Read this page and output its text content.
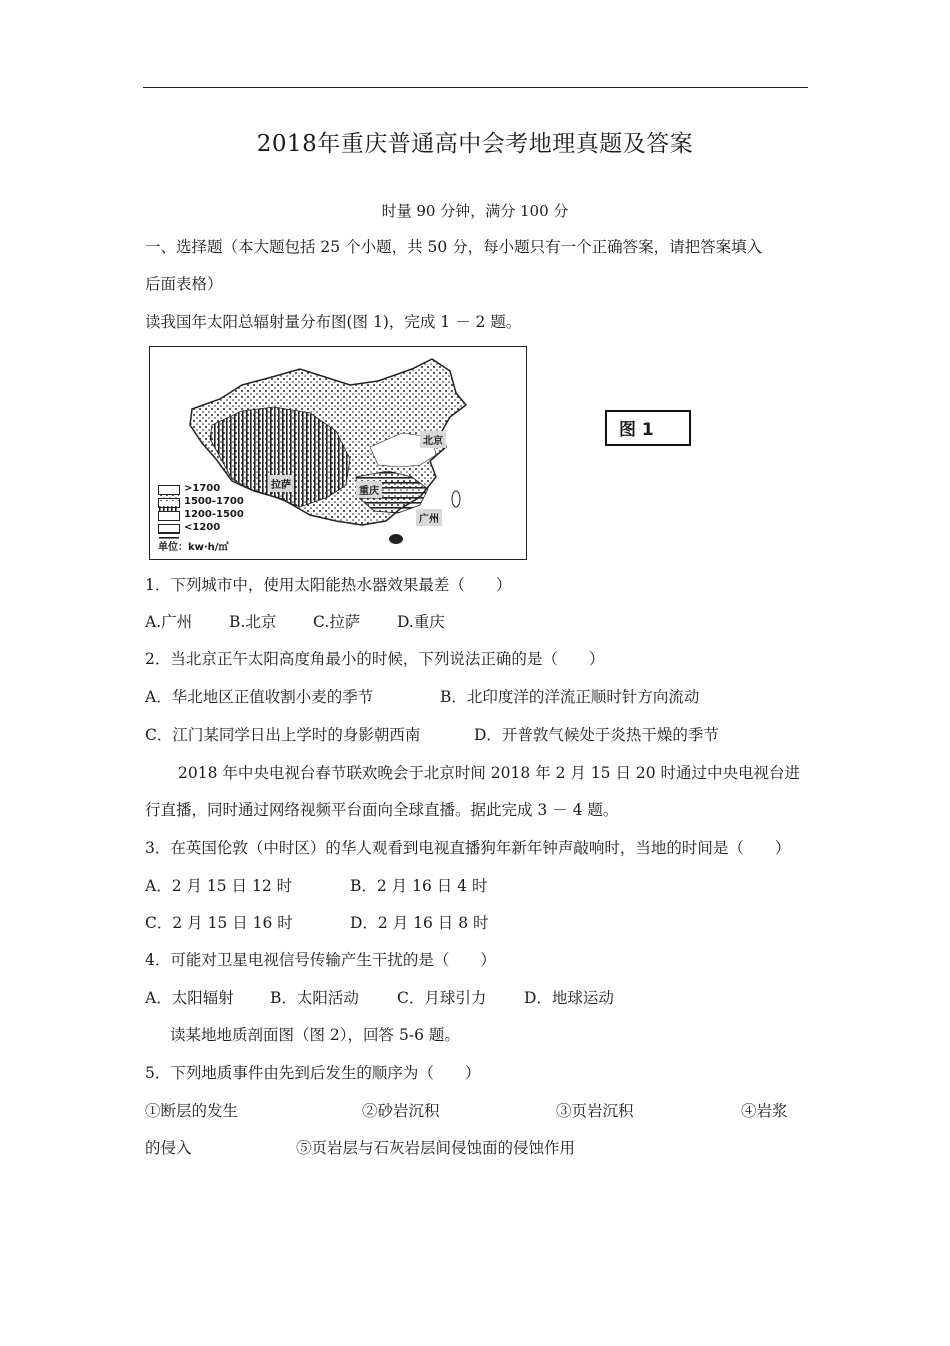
2018年重庆普通高中会考地理真题及答案
时量 90 分钟，满分 100 分
一、选择题（本大题包括 25 个小题，共 50 分，每小题只有一个正确答案，请把答案填入
后面表格）
读我国年太阳总辐射量分布图(图 1)，完成 1 － 2 题。
北京
拉萨
重庆
广州
>1700
1500-1700
1200-1500
<1200
单位：kw·h/㎡
图 1
1．下列城市中，使用太阳能热水器效果最差（　　）
A.广州 B.北京 C.拉萨 D.重庆
2．当北京正午太阳高度角最小的时候，下列说法正确的是（　　）
A．华北地区正值收割小麦的季节	B．北印度洋的洋流正顺时针方向流动
C．江门某同学日出上学时的身影朝西南	D．开普敦气候处于炎热干燥的季节
2018 年中央电视台春节联欢晚会于北京时间 2018 年 2 月 15 日 20 时通过中央电视台进
行直播，同时通过网络视频平台面向全球直播。据此完成 3 － 4 题。
3．在英国伦敦（中时区）的华人观看到电视直播狗年新年钟声敲响时，当地的时间是（　　）
A．2 月 15 日 12 时	B．2 月 16 日 4 时
C．2 月 15 日 16 时	D．2 月 16 日 8 时
4．可能对卫星电视信号传输产生干扰的是（　　）
A．太阳辐射 B．太阳活动 C．月球引力 D．地球运动
读某地地质剖面图（图 2），回答 5-6 题。
5．下列地质事件由先到后发生的顺序为（　　）
①断层的发生	②砂岩沉积	③页岩沉积	④岩浆
的侵入	⑤页岩层与石灰岩层间侵蚀面的侵蚀作用
